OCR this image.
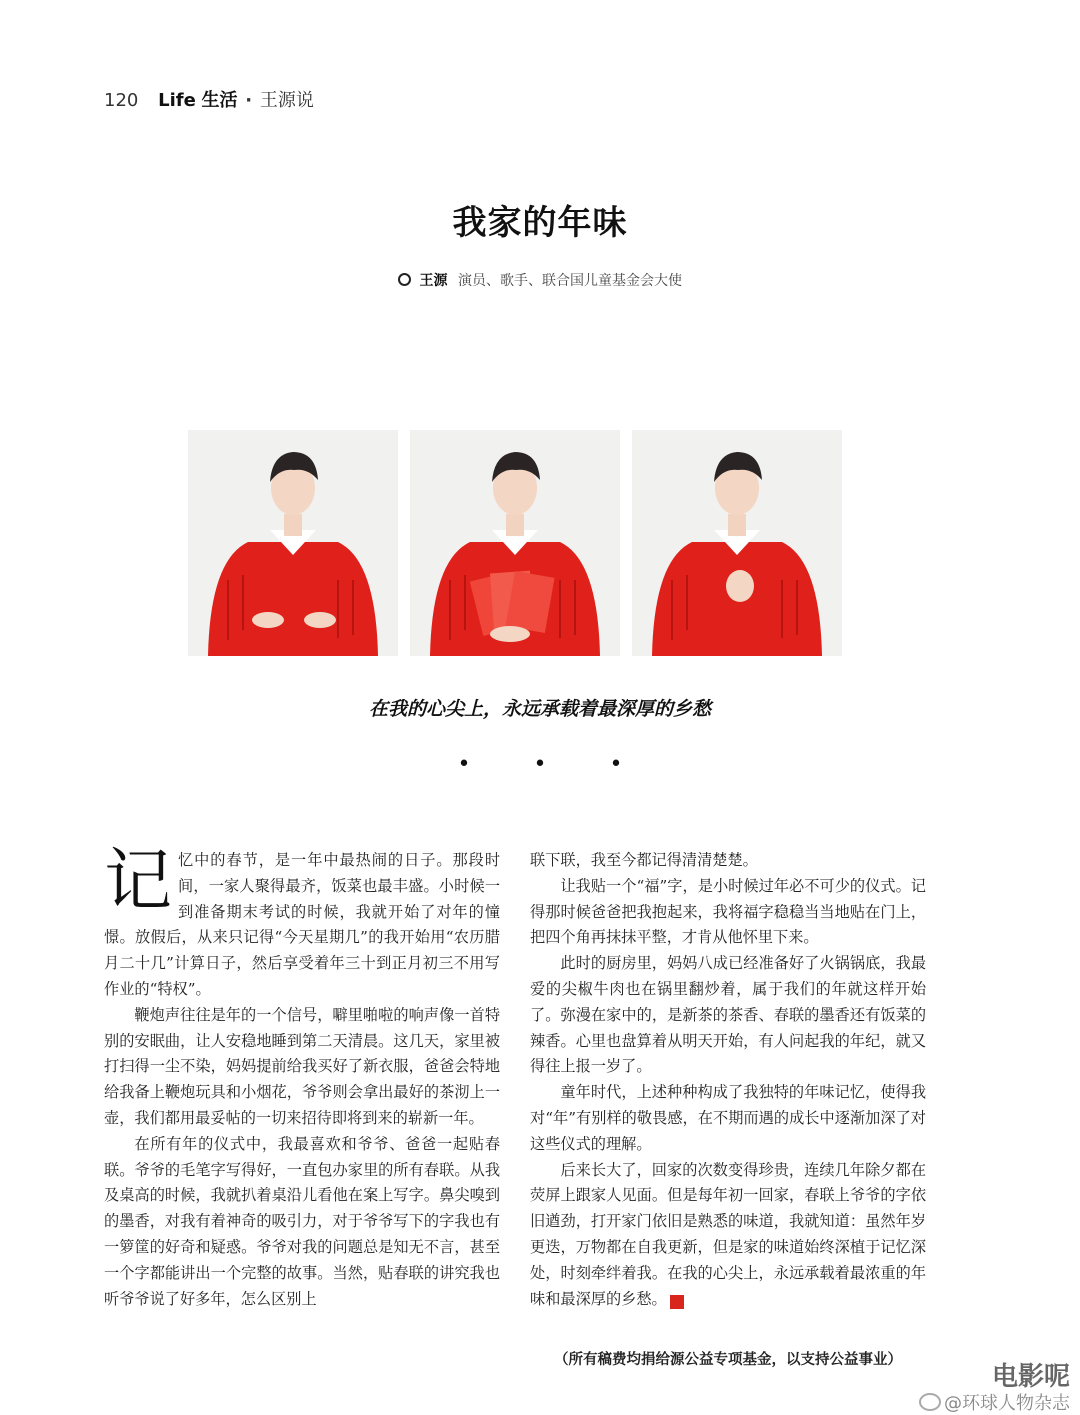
120 Life 生活 · 王源说
我家的年味
王源 演员、歌手、联合国儿童基金会大使
在我的心尖上，永远承载着最深厚的乡愁
• • •

记忆中的春节，是一年中最热闹的日子。那段时间，一家人聚得最齐，饭菜也最丰盛。小时候一到准备期末考试的时候，我就开始了对年的憧憬。放假后，从来只记得“今天星期几”的我开始用“农历腊月二十几”计算日子，然后享受着年三十到正月初三不用写作业的“特权”。

鞭炮声往往是年的一个信号，噼里啪啦的响声像一首特别的安眠曲，让人安稳地睡到第二天清晨。这几天，家里被打扫得一尘不染，妈妈提前给我买好了新衣服，爸爸会特地给我备上鞭炮玩具和小烟花，爷爷则会拿出最好的茶沏上一壶，我们都用最妥帖的一切来招待即将到来的崭新一年。

在所有年的仪式中，我最喜欢和爷爷、爸爸一起贴春联。爷爷的毛笔字写得好，一直包办家里的所有春联。从我及桌高的时候，我就扒着桌沿儿看他在案上写字。鼻尖嗅到的墨香，对我有着神奇的吸引力，对于爷爷写下的字我也有一箩筐的好奇和疑惑。爷爷对我的问题总是知无不言，甚至一个字都能讲出一个完整的故事。当然，贴春联的讲究我也听爷爷说了好多年，怎么区别上

联下联，我至今都记得清清楚楚。

让我贴一个“福”字，是小时候过年必不可少的仪式。记得那时候爸爸把我抱起来，我将福字稳稳当当地贴在门上，把四个角再抹抹平整，才肯从他怀里下来。

此时的厨房里，妈妈八成已经准备好了火锅锅底，我最爱的尖椒牛肉也在锅里翻炒着，属于我们的年就这样开始了。弥漫在家中的，是新茶的茶香、春联的墨香还有饭菜的辣香。心里也盘算着从明天开始，有人问起我的年纪，就又得往上报一岁了。

童年时代，上述种种构成了我独特的年味记忆，使得我对“年”有别样的敬畏感，在不期而遇的成长中逐渐加深了对这些仪式的理解。

后来长大了，回家的次数变得珍贵，连续几年除夕都在荧屏上跟家人见面。但是每年初一回家，春联上爷爷的字依旧遒劲，打开家门依旧是熟悉的味道，我就知道：虽然年岁更迭，万物都在自我更新，但是家的味道始终深植于记忆深处，时刻牵绊着我。在我的心尖上，永远承载着最浓重的年味和最深厚的乡愁。	G

（所有稿费均捐给源公益专项基金，以支持公益事业）
电影呢
@环球人物杂志
